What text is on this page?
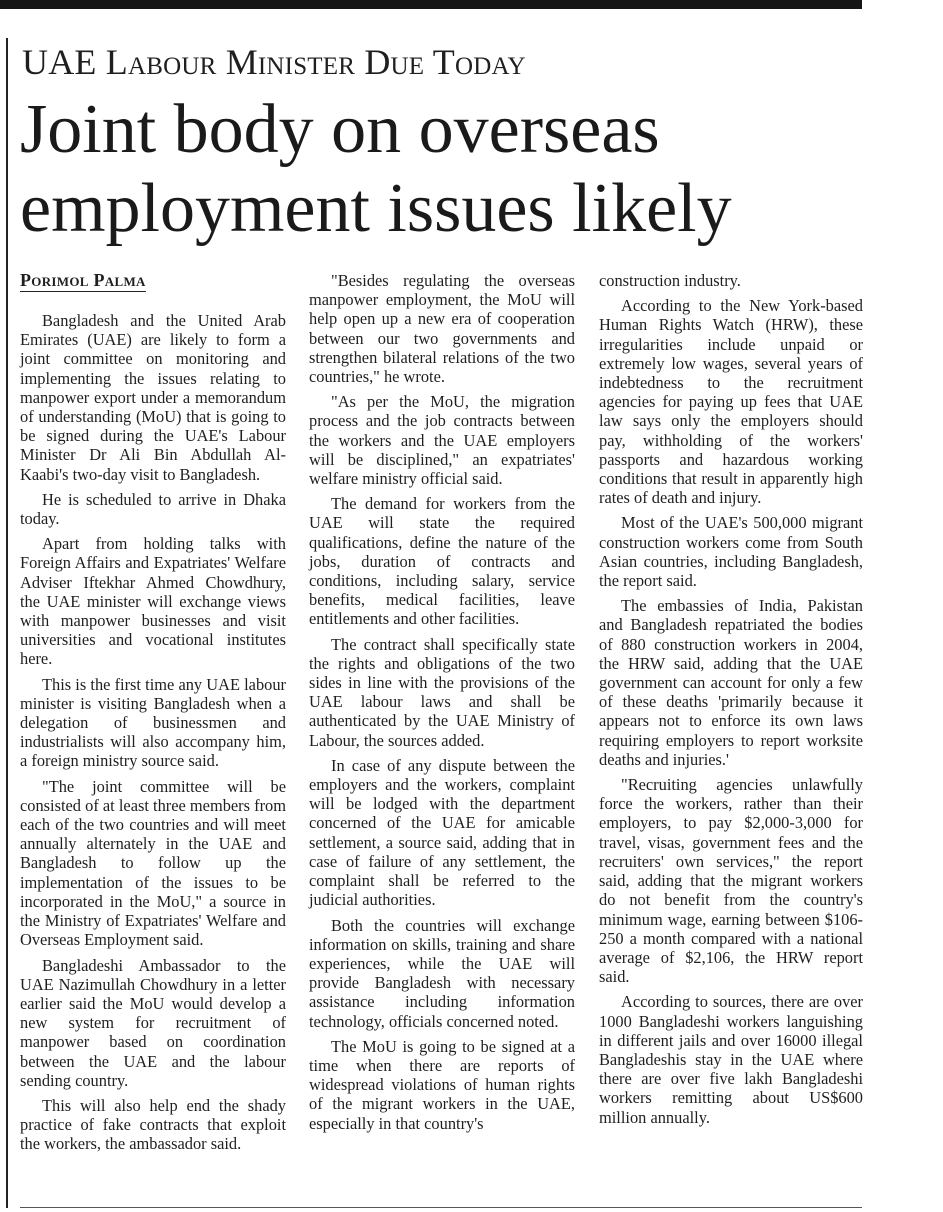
UAE Labour Minister Due Today
Joint body on overseas employment issues likely
Porimol Palma

Bangladesh and the United Arab Emirates (UAE) are likely to form a joint committee on monitoring and implementing the issues relating to manpower export under a memorandum of understanding (MoU) that is going to be signed during the UAE's Labour Minister Dr Ali Bin Abdullah Al-Kaabi's two-day visit to Bangladesh.

He is scheduled to arrive in Dhaka today.

Apart from holding talks with Foreign Affairs and Expatriates' Welfare Adviser Iftekhar Ahmed Chowdhury, the UAE minister will exchange views with manpower businesses and visit universities and vocational institutes here.

This is the first time any UAE labour minister is visiting Bangladesh when a delegation of businessmen and industrialists will also accompany him, a foreign ministry source said.

"The joint committee will be consisted of at least three members from each of the two countries and will meet annually alternately in the UAE and Bangladesh to follow up the implementation of the issues to be incorporated in the MoU," a source in the Ministry of Expatriates' Welfare and Overseas Employment said.

Bangladeshi Ambassador to the UAE Nazimullah Chowdhury in a letter earlier said the MoU would develop a new system for recruitment of manpower based on coordination between the UAE and the labour sending country.

This will also help end the shady practice of fake contracts that exploit the workers, the ambassador said.

"Besides regulating the overseas manpower employment, the MoU will help open up a new era of cooperation between our two governments and strengthen bilateral relations of the two countries," he wrote.

"As per the MoU, the migration process and the job contracts between the workers and the UAE employers will be disciplined," an expatriates' welfare ministry official said.

The demand for workers from the UAE will state the required qualifications, define the nature of the jobs, duration of contracts and conditions, including salary, service benefits, medical facilities, leave entitlements and other facilities.

The contract shall specifically state the rights and obligations of the two sides in line with the provisions of the UAE labour laws and shall be authenticated by the UAE Ministry of Labour, the sources added.

In case of any dispute between the employers and the workers, complaint will be lodged with the department concerned of the UAE for amicable settlement, a source said, adding that in case of failure of any settlement, the complaint shall be referred to the judicial authorities.

Both the countries will exchange information on skills, training and share experiences, while the UAE will provide Bangladesh with necessary assistance including information technology, officials concerned noted.

The MoU is going to be signed at a time when there are reports of widespread violations of human rights of the migrant workers in the UAE, especially in that country's

construction industry.

According to the New York-based Human Rights Watch (HRW), these irregularities include unpaid or extremely low wages, several years of indebtedness to the recruitment agencies for paying up fees that UAE law says only the employers should pay, withholding of the workers' passports and hazardous working conditions that result in apparently high rates of death and injury.

Most of the UAE's 500,000 migrant construction workers come from South Asian countries, including Bangladesh, the report said.

The embassies of India, Pakistan and Bangladesh repatriated the bodies of 880 construction workers in 2004, the HRW said, adding that the UAE government can account for only a few of these deaths 'primarily because it appears not to enforce its own laws requiring employers to report worksite deaths and injuries.'

"Recruiting agencies unlawfully force the workers, rather than their employers, to pay $2,000-3,000 for travel, visas, government fees and the recruiters' own services," the report said, adding that the migrant workers do not benefit from the country's minimum wage, earning between $106-250 a month compared with a national average of $2,106, the HRW report said.

According to sources, there are over 1000 Bangladeshi workers languishing in different jails and over 16000 illegal Bangladeshis stay in the UAE where there are over five lakh Bangladeshi workers remitting about US$600 million annually.
